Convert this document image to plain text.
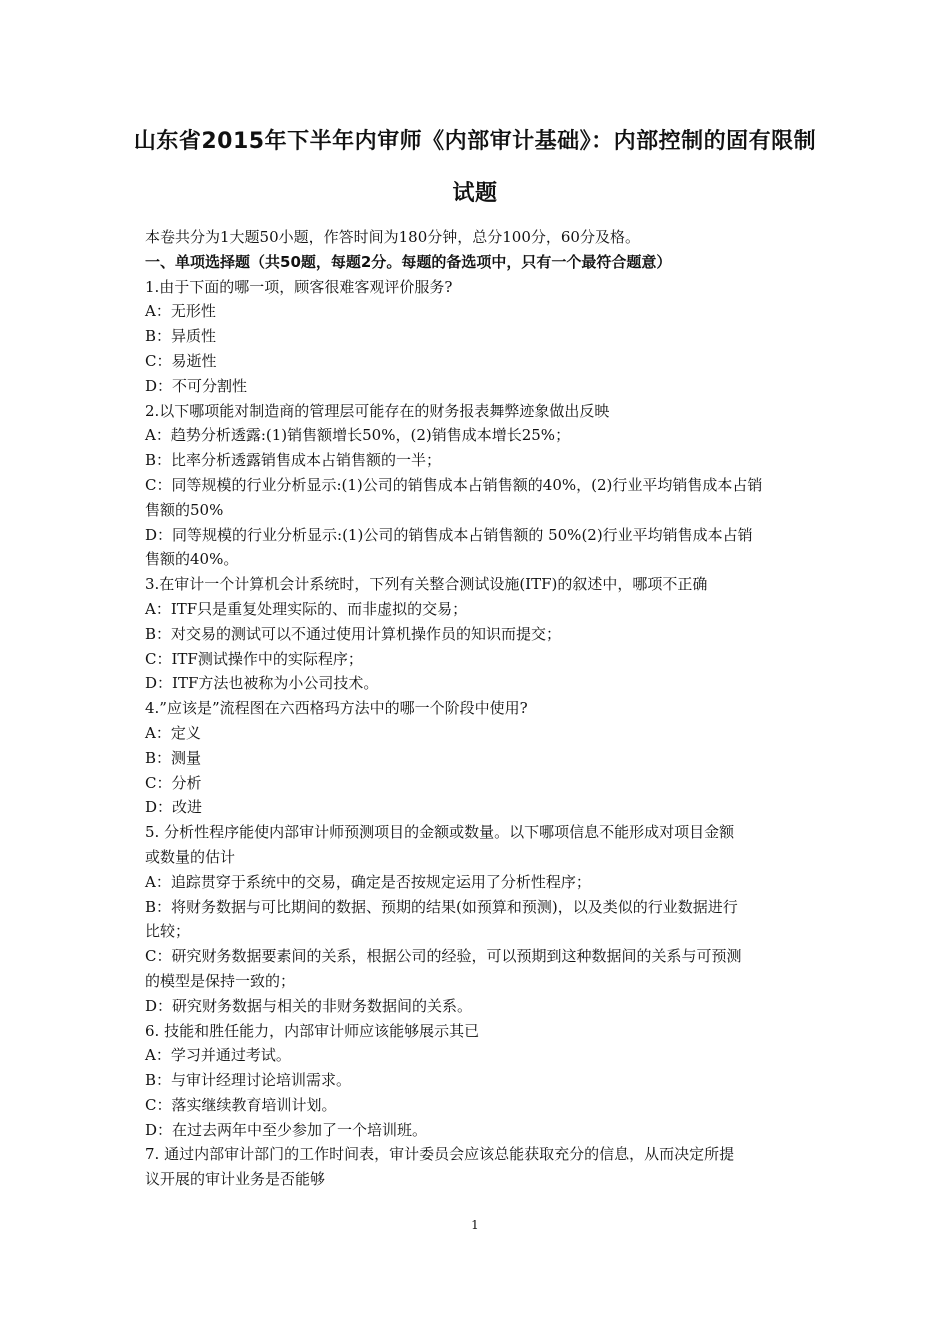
山东省2015年下半年内审师《内部审计基础》：内部控制的固有限制
试题
本卷共分为1大题50小题，作答时间为180分钟，总分100分，60分及格。
一、单项选择题（共50题，每题2分。每题的备选项中，只有一个最符合题意）
1.由于下面的哪一项，顾客很难客观评价服务?
A：无形性
B：异质性
C：易逝性
D：不可分割性
2.以下哪项能对制造商的管理层可能存在的财务报表舞弊迹象做出反映
A：趋势分析透露:(1)销售额增长50%，(2)销售成本增长25%；
B：比率分析透露销售成本占销售额的一半；
C：同等规模的行业分析显示:(1)公司的销售成本占销售额的40%，(2)行业平均销售成本占销
售额的50%
D：同等规模的行业分析显示:(1)公司的销售成本占销售额的 50%(2)行业平均销售成本占销
售额的40%。
3.在审计一个计算机会计系统时，下列有关整合测试设施(ITF)的叙述中，哪项不正确
A：ITF只是重复处理实际的、而非虚拟的交易；
B：对交易的测试可以不通过使用计算机操作员的知识而提交；
C：ITF测试操作中的实际程序；
D：ITF方法也被称为小公司技术。
4.”应该是”流程图在六西格玛方法中的哪一个阶段中使用?
A：定义
B：测量
C：分析
D：改进
5. 分析性程序能使内部审计师预测项目的金额或数量。以下哪项信息不能形成对项目金额
或数量的估计
A：追踪贯穿于系统中的交易，确定是否按规定运用了分析性程序；
B：将财务数据与可比期间的数据、预期的结果(如预算和预测)，以及类似的行业数据进行
比较；
C：研究财务数据要素间的关系，根据公司的经验，可以预期到这种数据间的关系与可预测
的模型是保持一致的；
D：研究财务数据与相关的非财务数据间的关系。
6. 技能和胜任能力，内部审计师应该能够展示其已
A：学习并通过考试。
B：与审计经理讨论培训需求。
C：落实继续教育培训计划。
D：在过去两年中至少参加了一个培训班。
7. 通过内部审计部门的工作时间表，审计委员会应该总能获取充分的信息，从而决定所提
议开展的审计业务是否能够
1
